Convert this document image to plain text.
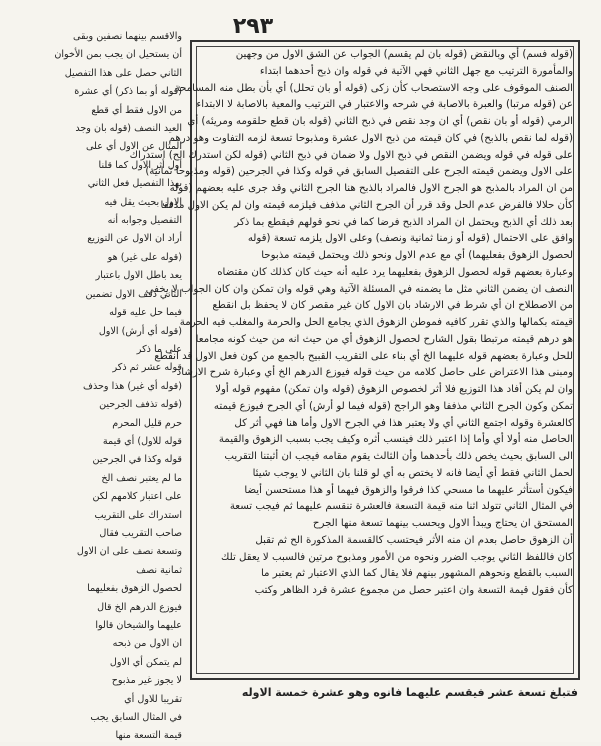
٢٩٣
والاقسم بينهما نصفين وبقى
أن يستحيل ان يجب بمن الأخوان
الثاني حصل على هذا التفصيل
(قوله أو بما ذكر) أي عشرة
من الاول فقط أي قطع
العيد النصف (قوله بان وجد
المثال عن الاول أي على
أول أثر الاول كما قلنا
بهذا التفصيل فعل الثاني
الاول بحيث يقل فيه
التفصيل وجوابه أنه
أراد ان الاول عن التوزيع
(قوله على غير) هو
يعد باطل الاول باعتبار
الثاني ذفف الاول تضمين
فيما حل عليه قوله
(قوله أي أرش) الاول
على ما ذكر
قوله عشر ثم ذكر
(قوله أي غير) هذا وحذف
(قوله تذفف الجرحين
حرم قليل المحرم
قوله للاول) أي قيمة
قوله وكذا في الجرحين
ما لم يعتبر نصف الخ
على اعتبار كلامهم لكن
استدراك على التقريب
صاحب التقريب فقال
وتسعة نصف على ان الاول
ثمانية نصف
لحصول الزهوق بفعليهما
فيوزع الدرهم الخ قال
عليهما والشيخان قالوا
ان الاول من ذبحه
لم يتمكن أي الاول
لا يجوز غير مذبوح
تقريبا للاول أي
في المثال السابق يجب
قيمة التسعة منها
(قوله فسم) أي وبالنقض (قوله بان لم يقسم) الجواب عن الشق الاول من وجهين
والمأمورة الترتيب مع جهل الثاني فهي الآتية في قوله وان ذبح أحدهما ابتداء
الصنف الموقوف على وجه الاستصحاب كأن زكى (قوله أو بان تحلل) أي بأن بطل منه المسامحة
عن (قوله مرتبا) والعبرة بالاصابة في شرحه والاعتبار في الترتيب والمعية بالاصابة لا الابتداء
الرمي (قوله أو بان نقص) أي ان وجد نقص في ذبح الثاني (قوله بان قطع حلقومه ومريئه) أي
(قوله لما نقص بالذبح) في كان قيمته من ذبح الاول عشرة ومذبوحا تسعة لزمه التفاوت وهو درهم
على قوله في قوله ويضمن النقص في ذبح الاول ولا ضمان في ذبح الثاني (قوله لكن استدرك الح) استدراك
على الاول ويضمن قيمته الجرح على التفصيل السابق في قوله وكذا في الجرحين (قوله ومذبوحا ثمانية)
من ان المراد بالمذبح هو الجرح الاول فالمراد بالذبح هنا الجرح الثاني وقد جرى عليه بعضهم (قوله
كأن حلالا فالفرض عدم الحل وقد قرر أن الجرح الثاني مذفف فيلزمه قيمته وان لم يكن الاول مذففا
بعد ذلك أي الذبح ويحتمل ان المراد الذبح فرضا كما في نحو قولهم فيقطع بما ذكر
وافق على الاحتمال (قوله أو زمنا ثمانية ونصف) وعلى الاول يلزمه تسعة (قوله
لحصول الزهوق بفعليهما) أي مع عدم الاول ونحو ذلك ويحتمل قيمته مذبوحا
وعبارة بعضهم قوله لحصول الزهوق بفعليهما يرد عليه أنه حيث كان كذلك كان مقتضاه
النصف ان يضمن الثاني مثل ما يضمنه في المسئلة الآتية وهي قوله وان تمكن وان كان الجواب لا يخفى
من الاصطلاح ان أي شرط في الارشاد بان الاول كان غير مقصر كان لا يحفظ بل انقطع
قيمته بكمالها والذي تقرر كافيه فموطن الزهوق الذي يجامع الحل والحرمة والمغلب فيه الحرمة
هو درهم قيمته مرتبطا بقول الشارح لحصول الزهوق أي من حيث انه من حيث كونه مجامعا
للحل وعبارة بعضهم قوله عليهما الخ أي بناء على التقريب القبيح بالجمع من كون فعل الاول قد انقطع
ومبنى هذا الاعتراض على حاصل كلامه من حيث قوله فيوزع الدرهم الخ أي وعبارة شرح الارشاد
وان لم يكن أفاد هذا التوزيع فلا أثر لخصوص الزهوق (قوله وان تمكن) مفهوم قوله أولا
تمكن وكون الجرح الثاني مذففا وهو الراجح (قوله فيما لو أرش) أي الجرح فيوزع قيمته
كالعشرة وقوله اجتمع الثاني أي ولا يعتبر هذا في الجرح الاول وأما هنا فهي أثر كل
الحاصل منه أولا أي وأما إذا اعتبر ذلك فينسب أثره وكيف يجب بسبب الزهوق والقيمة
الى السابق بحيث يخص ذلك بأحدهما وأن الثالث يقوم مقامه فيجب ان أثبتنا التقريب
لحمل الثاني فقط أي أيضا فانه لا يختص به أي لو قلنا بان الثاني لا يوجب شيئا
فيكون أستأثر عليهما ما مسحي كذا فرقوا والزهوق فيهما أو هذا مستحسن أيضا
في المثال الثاني تتولد اثنا منه قيمة التسعة فالعشرة تنقسم عليهما ثم فيجب تسعة
المستحق ان يحتاج ويبدأ الاول ويحسب بينهما تسعة منها الجرح
أن الزهوق حاصل بعدم ان منه الأثر فيحتسب كالقسمة المذكورة الح ثم تقبل
كان فاللفظ الثاني يوجب الضرر ونحوه من الأمور ومذبوح مرتين فالسبب لا يعقل تلك
السبب بالقطع ونحوهم المشهور بينهم فلا يقال كما الذي الاعتبار ثم يعتبر ما
كأن فقول قيمة التسعة وان اعتبر حصل من مجموع عشرة قرد الظاهر وكتب
فتبلغ تسعة عشر فيقسم عليهما فانوه وهو عشرة خمسة الاوله
